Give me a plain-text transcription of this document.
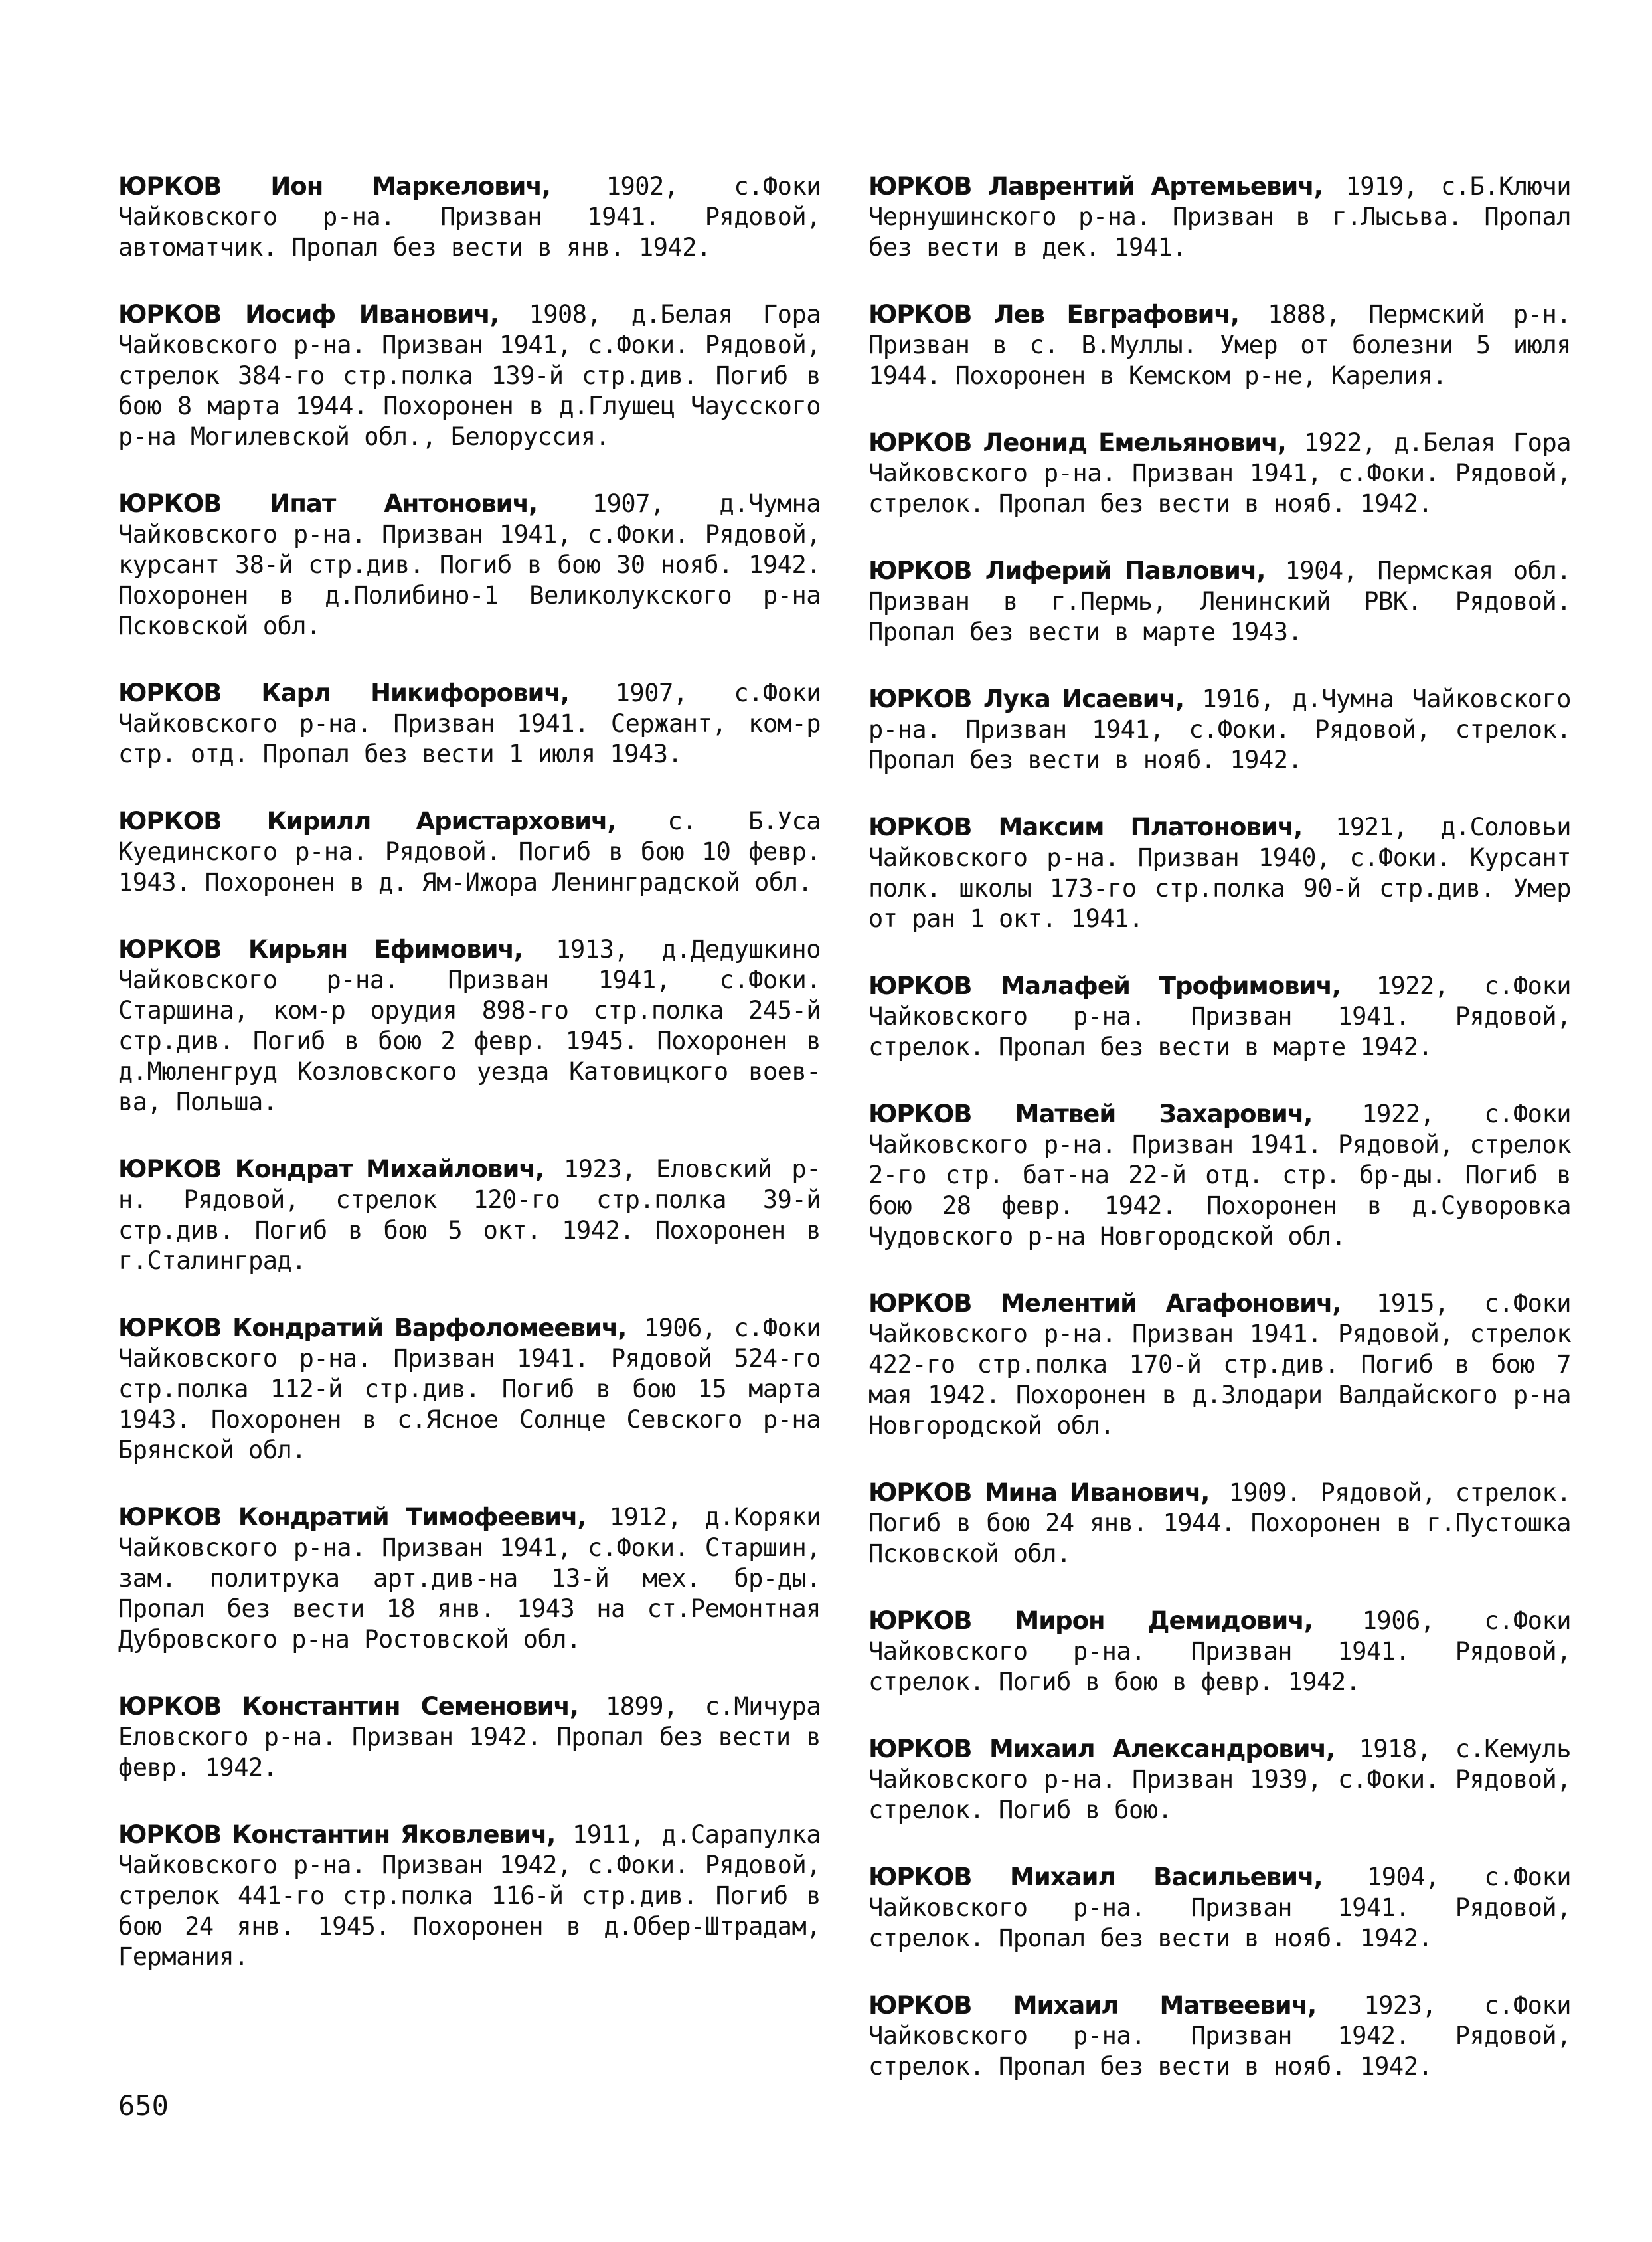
ЮРКОВ Ион Маркелович, 1902, с.Фоки Чайковского р-на. Призван 1941. Рядовой, автоматчик. Пропал без вести в янв. 1942.

ЮРКОВ Иосиф Иванович, 1908, д.Белая Гора Чайковского р-на. Призван 1941, с.Фоки. Рядовой, стрелок 384-го стр.полка 139-й стр.див. Погиб в бою 8 марта 1944. Похоронен в д.Глушец Чаусского р-на Могилевской обл., Белоруссия.

ЮРКОВ Ипат Антонович, 1907, д.Чумна Чайковского р-на. Призван 1941, с.Фоки. Рядовой, курсант 38-й стр.див. Погиб в бою 30 нояб. 1942. Похоронен в д.Полибино-1 Великолукского р-на Псковской обл.

ЮРКОВ Карл Никифорович, 1907, с.Фоки Чайковского р-на. Призван 1941. Сержант, ком-р стр. отд. Пропал без вести 1 июля 1943.

ЮРКОВ Кирилл Аристархович, с. Б.Уса Куединского р-на. Рядовой. Погиб в бою 10 февр. 1943. Похоронен в д. Ям-Ижора Ленинградской обл.

ЮРКОВ Кирьян Ефимович, 1913, д.Дедушкино Чайковского р-на. Призван 1941, с.Фоки. Старшина, ком-р орудия 898-го стр.полка 245-й стр.див. Погиб в бою 2 февр. 1945. Похоронен в д.Мюленгруд Козловского уезда Катовицкого воев-ва, Польша.

ЮРКОВ Кондрат Михайлович, 1923, Еловский р-н. Рядовой, стрелок 120-го стр.полка 39-й стр.див. Погиб в бою 5 окт. 1942. Похоронен в г.Сталинград.

ЮРКОВ Кондратий Варфоломеевич, 1906, с.Фоки Чайковского р-на. Призван 1941. Рядовой 524-го стр.полка 112-й стр.див. Погиб в бою 15 марта 1943. Похоронен в с.Ясное Солнце Севского р-на Брянской обл.

ЮРКОВ Кондратий Тимофеевич, 1912, д.Коряки Чайковского р-на. Призван 1941, с.Фоки. Старшин, зам. политрука арт.див-на 13-й мех. бр-ды. Пропал без вести 18 янв. 1943 на ст.Ремонтная Дубровского р-на Ростовской обл.

ЮРКОВ Константин Семенович, 1899, с.Мичура Еловского р-на. Призван 1942. Пропал без вести в февр. 1942.

ЮРКОВ Константин Яковлевич, 1911, д.Сарапулка Чайковского р-на. Призван 1942, с.Фоки. Рядовой, стрелок 441-го стр.полка 116-й стр.див. Погиб в бою 24 янв. 1945. Похоронен в д.Обер-Штрадам, Германия.

ЮРКОВ Лаврентий Артемьевич, 1919, с.Б.Ключи Чернушинского р-на. Призван в г.Лысьва. Пропал без вести в дек. 1941.

ЮРКОВ Лев Евграфович, 1888, Пермский р-н. Призван в с. В.Муллы. Умер от болезни 5 июля 1944. Похоронен в Кемском р-не, Карелия.

ЮРКОВ Леонид Емельянович, 1922, д.Белая Гора Чайковского р-на. Призван 1941, с.Фоки. Рядовой, стрелок. Пропал без вести в нояб. 1942.

ЮРКОВ Лиферий Павлович, 1904, Пермская обл. Призван в г.Пермь, Ленинский РВК. Рядовой. Пропал без вести в марте 1943.

ЮРКОВ Лука Исаевич, 1916, д.Чумна Чайковского р-на. Призван 1941, с.Фоки. Рядовой, стрелок. Пропал без вести в нояб. 1942.

ЮРКОВ Максим Платонович, 1921, д.Соловьи Чайковского р-на. Призван 1940, с.Фоки. Курсант полк. школы 173-го стр.полка 90-й стр.див. Умер от ран 1 окт. 1941.

ЮРКОВ Малафей Трофимович, 1922, с.Фоки Чайковского р-на. Призван 1941. Рядовой, стрелок. Пропал без вести в марте 1942.

ЮРКОВ Матвей Захарович, 1922, с.Фоки Чайковского р-на. Призван 1941. Рядовой, стрелок 2-го стр. бат-на 22-й отд. стр. бр-ды. Погиб в бою 28 февр. 1942. Похоронен в д.Суворовка Чудовского р-на Новгородской обл.

ЮРКОВ Мелентий Агафонович, 1915, с.Фоки Чайковского р-на. Призван 1941. Рядовой, стрелок 422-го стр.полка 170-й стр.див. Погиб в бою 7 мая 1942. Похоронен в д.Злодари Валдайского р-на Новгородской обл.

ЮРКОВ Мина Иванович, 1909. Рядовой, стрелок. Погиб в бою 24 янв. 1944. Похоронен в г.Пустошка Псковской обл.

ЮРКОВ Мирон Демидович, 1906, с.Фоки Чайковского р-на. Призван 1941. Рядовой, стрелок. Погиб в бою в февр. 1942.

ЮРКОВ Михаил Александрович, 1918, с.Кемуль Чайковского р-на. Призван 1939, с.Фоки. Рядовой, стрелок. Погиб в бою.

ЮРКОВ Михаил Васильевич, 1904, с.Фоки Чайковского р-на. Призван 1941. Рядовой, стрелок. Пропал без вести в нояб. 1942.

ЮРКОВ Михаил Матвеевич, 1923, с.Фоки Чайковского р-на. Призван 1942. Рядовой, стрелок. Пропал без вести в нояб. 1942.

650
